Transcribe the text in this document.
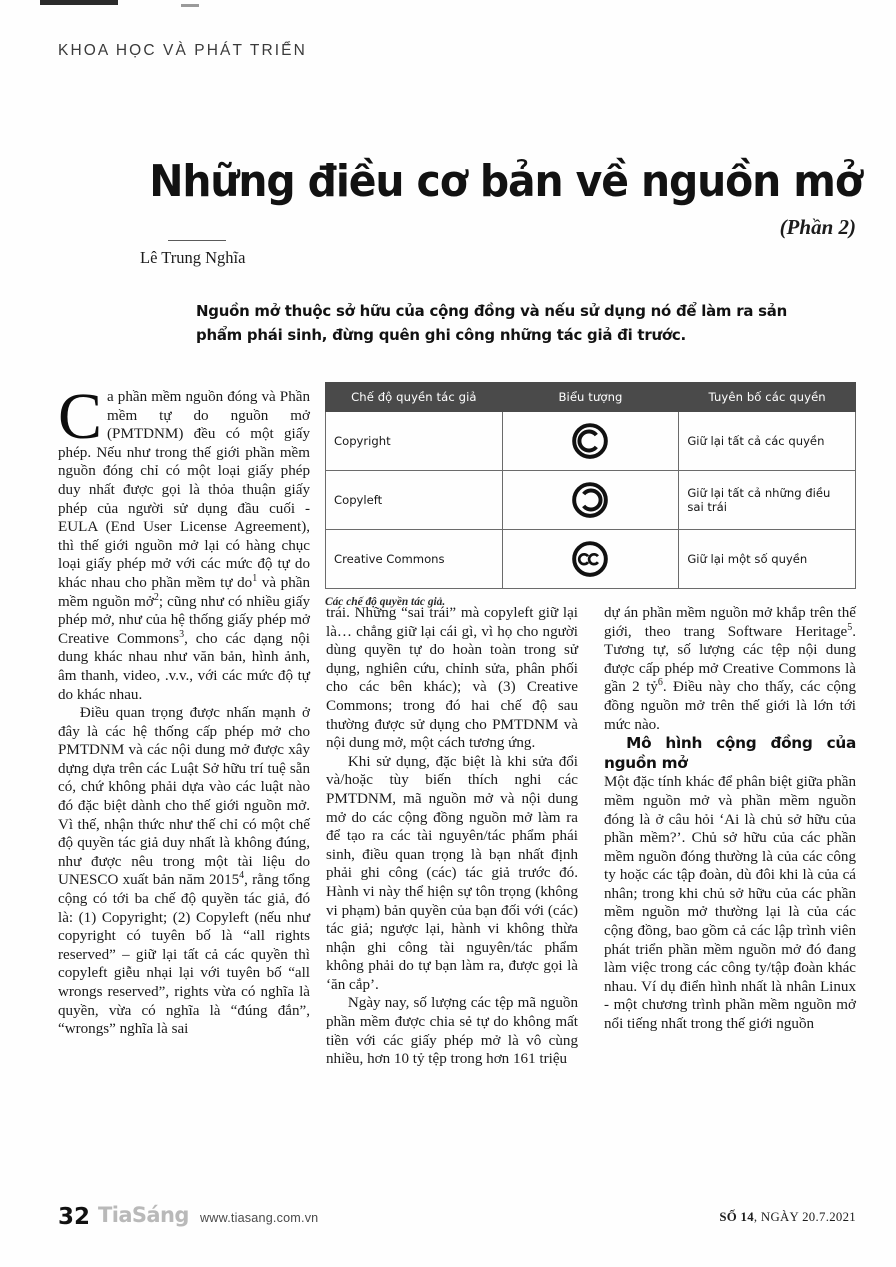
KHOA HỌC VÀ PHÁT TRIỂN
Những điều cơ bản về nguồn mở
(Phần 2)
Lê Trung Nghĩa
Nguồn mở thuộc sở hữu của cộng đồng và nếu sử dụng nó để làm ra sản phẩm phái sinh, đừng quên ghi công những tác giả đi trước.
Chế độ quyền tác giả	Biểu tượng	Tuyên bố các quyền
Copyright		Giữ lại tất cả các quyền
Copyleft		Giữ lại tất cả những điều sai trái
Creative Commons		Giữ lại một số quyền
Các chế độ quyền tác giả.

Ca phần mềm nguồn đóng và Phần mềm tự do nguồn mở (PMTDNM) đều có một giấy phép. Nếu như trong thế giới phần mềm nguồn đóng chỉ có một loại giấy phép duy nhất được gọi là thỏa thuận giấy phép của người sử dụng đầu cuối - EULA (End User License Agreement), thì thế giới nguồn mở lại có hàng chục loại giấy phép mở với các mức độ tự do khác nhau cho phần mềm tự $do^1$ và phần mềm nguồn mở$^2$; cũng như có nhiều giấy phép mở, như của hệ thống giấy phép mở Creative Commons$^3$, cho các dạng nội dung khác nhau như văn bản, hình ảnh, âm thanh, video, .v.v., với các mức độ tự do khác nhau.

Điều quan trọng được nhấn mạnh ở đây là các hệ thống cấp phép mở cho PMTDNM và các nội dung mở được xây dựng dựa trên các Luật Sở hữu trí tuệ sẵn có, chứ không phải dựa vào các luật nào đó đặc biệt dành cho thế giới nguồn mở. Vì thế, nhận thức như thế chỉ có một chế độ quyền tác giả duy nhất là không đúng, như được nêu trong một tài liệu do UNESCO xuất bản năm 2015$^4$, rằng tổng cộng có tới ba chế độ quyền tác giả, đó là: (1) Copyright; (2) Copyleft (nếu như copyright có tuyên bố là “all rights reserved” – giữ lại tất cả các quyền thì copyleft giễu nhại lại với tuyên bố “all wrongs reserved”, rights vừa có nghĩa là quyền, vừa có nghĩa là “đúng đắn”, “wrongs” nghĩa là sai

trái. Những “sai trái” mà copyleft giữ lại là… chẳng giữ lại cái gì, vì họ cho người dùng quyền tự do hoàn toàn trong sử dụng, nghiên cứu, chỉnh sửa, phân phối cho các bên khác); và (3) Creative Commons; trong đó hai chế độ sau thường được sử dụng cho PMTDNM và nội dung mở, một cách tương ứng.

Khi sử dụng, đặc biệt là khi sửa đổi và/hoặc tùy biến thích nghi các PMTDNM, mã nguồn mở và nội dung mở do các cộng đồng nguồn mở làm ra để tạo ra các tài nguyên/tác phẩm phái sinh, điều quan trọng là bạn nhất định phải ghi công (các) tác giả trước đó. Hành vi này thể hiện sự tôn trọng (không vi phạm) bản quyền của bạn đối với (các) tác giả; ngược lại, hành vi không thừa nhận ghi công tài nguyên/tác phẩm không phải do tự bạn làm ra, được gọi là ‘ăn cắp’.

Ngày nay, số lượng các tệp mã nguồn phần mềm được chia sẻ tự do không mất tiền với các giấy phép mở là vô cùng nhiều, hơn 10 tỷ tệp trong hơn 161 triệu

dự án phần mềm nguồn mở khắp trên thế giới, theo trang Software Heritage$^5$. Tương tự, số lượng các tệp nội dung được cấp phép mở Creative Commons là gần 2 tỷ$^6$. Điều này cho thấy, các cộng đồng nguồn mở trên thế giới là lớn tới mức nào.

Mô hình cộng đồng của nguồn mở

Một đặc tính khác để phân biệt giữa phần mềm nguồn mở và phần mềm nguồn đóng là ở câu hỏi ‘Ai là chủ sở hữu của phần mềm?’. Chủ sở hữu của các phần mềm nguồn đóng thường là của các công ty hoặc các tập đoàn, dù đôi khi là của cá nhân; trong khi chủ sở hữu của các phần mềm nguồn mở thường lại là của các cộng đồng, bao gồm cả các lập trình viên phát triển phần mềm nguồn mở đó đang làm việc trong các công ty/tập đoàn khác nhau. Ví dụ điển hình nhất là nhân Linux - một chương trình phần mềm nguồn mở nổi tiếng nhất trong thế giới nguồn

32 TiaSáng www.tiasang.com.vn	SỐ 14, NGÀY 20.7.2021
